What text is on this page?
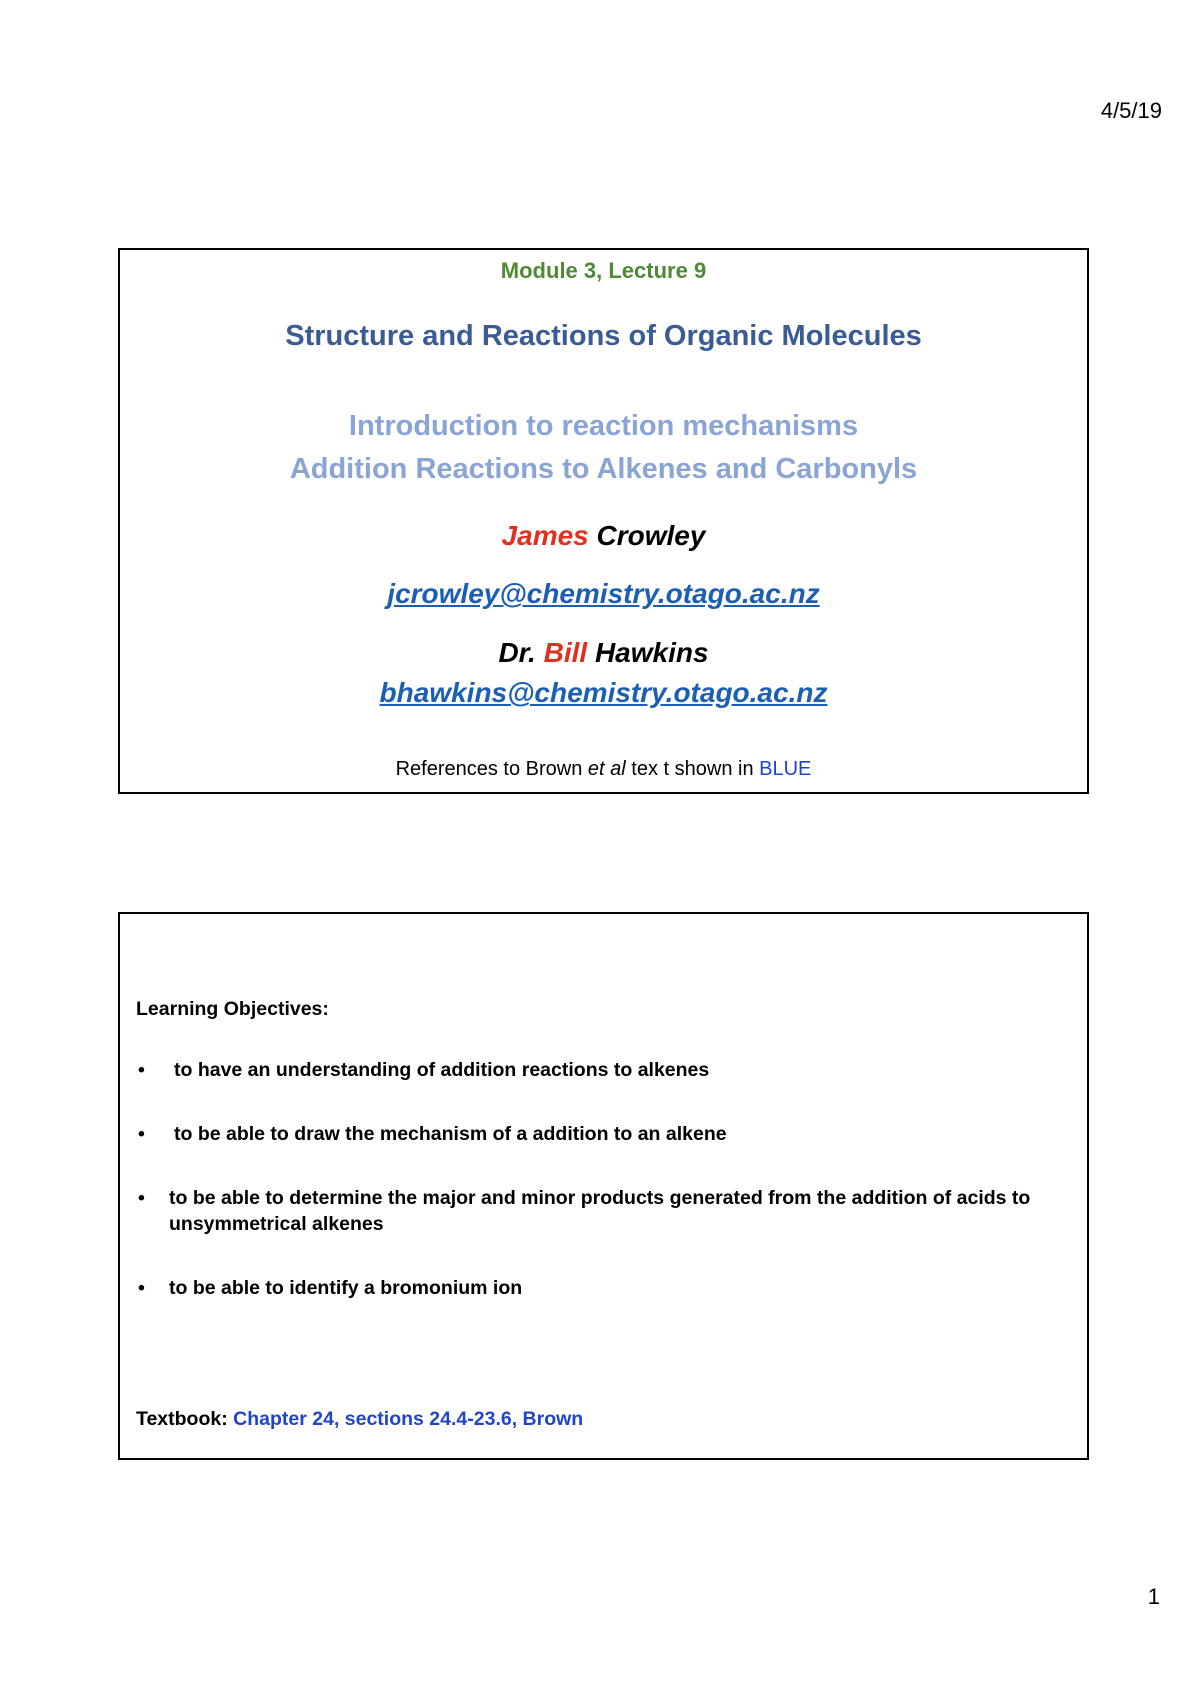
4/5/19
Module 3, Lecture 9
Structure and Reactions of Organic Molecules
Introduction to reaction mechanisms
Addition Reactions to Alkenes and Carbonyls
James Crowley
jcrowley@chemistry.otago.ac.nz
Dr. Bill Hawkins
bhawkins@chemistry.otago.ac.nz
References to Brown et al tex t shown in BLUE
Learning Objectives:
• to have an understanding of addition reactions to alkenes
• to be able to draw the mechanism of a addition to an alkene
• to be able to determine the major and minor products generated from the addition of acids to unsymmetrical alkenes
• to be able to identify a bromonium ion
Textbook: Chapter 24, sections 24.4-23.6, Brown
1
